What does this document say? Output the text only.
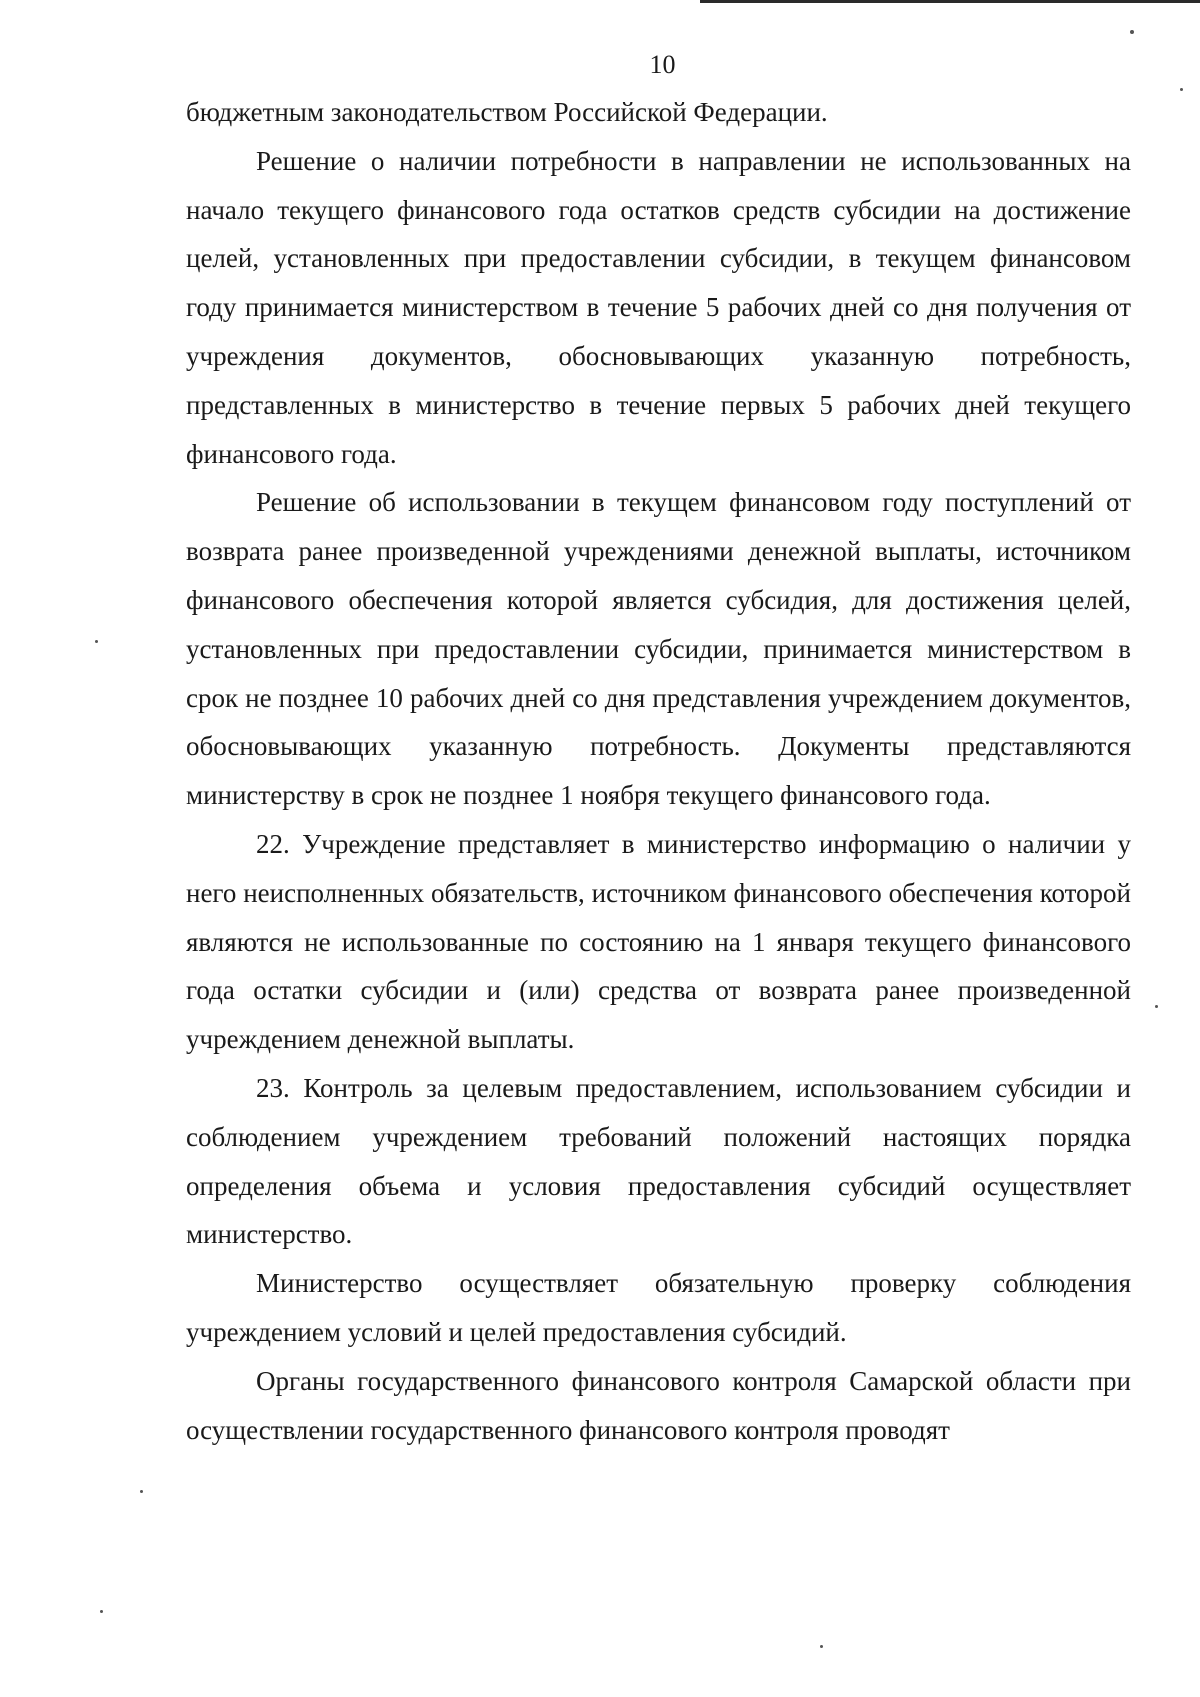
10

бюджетным законодательством Российской Федерации.

Решение о наличии потребности в направлении не использованных на начало текущего финансового года остатков средств субсидии на достижение целей, установленных при предоставлении субсидии, в текущем финансовом году принимается министерством в течение 5 рабочих дней со дня получения от учреждения документов, обосновывающих указанную потребность, представленных в министерство в течение первых 5 рабочих дней текущего финансового года.

Решение об использовании в текущем финансовом году поступлений от возврата ранее произведенной учреждениями денежной выплаты, источником финансового обеспечения которой является субсидия, для достижения целей, установленных при предоставлении субсидии, принимается министерством в срок не позднее 10 рабочих дней со дня представления учреждением документов, обосновывающих указанную потребность. Документы представляются министерству в срок не позднее 1 ноября текущего финансового года.

22. Учреждение представляет в министерство информацию о наличии у него неисполненных обязательств, источником финансового обеспечения которой являются не использованные по состоянию на 1 января текущего финансового года остатки субсидии и (или) средства от возврата ранее произведенной учреждением денежной выплаты.

23. Контроль за целевым предоставлением, использованием субсидии и соблюдением учреждением требований положений настоящих порядка определения объема и условия предоставления субсидий осуществляет министерство.

Министерство осуществляет обязательную проверку соблюдения учреждением условий и целей предоставления субсидий.

Органы государственного финансового контроля Самарской области при осуществлении государственного финансового контроля проводят
